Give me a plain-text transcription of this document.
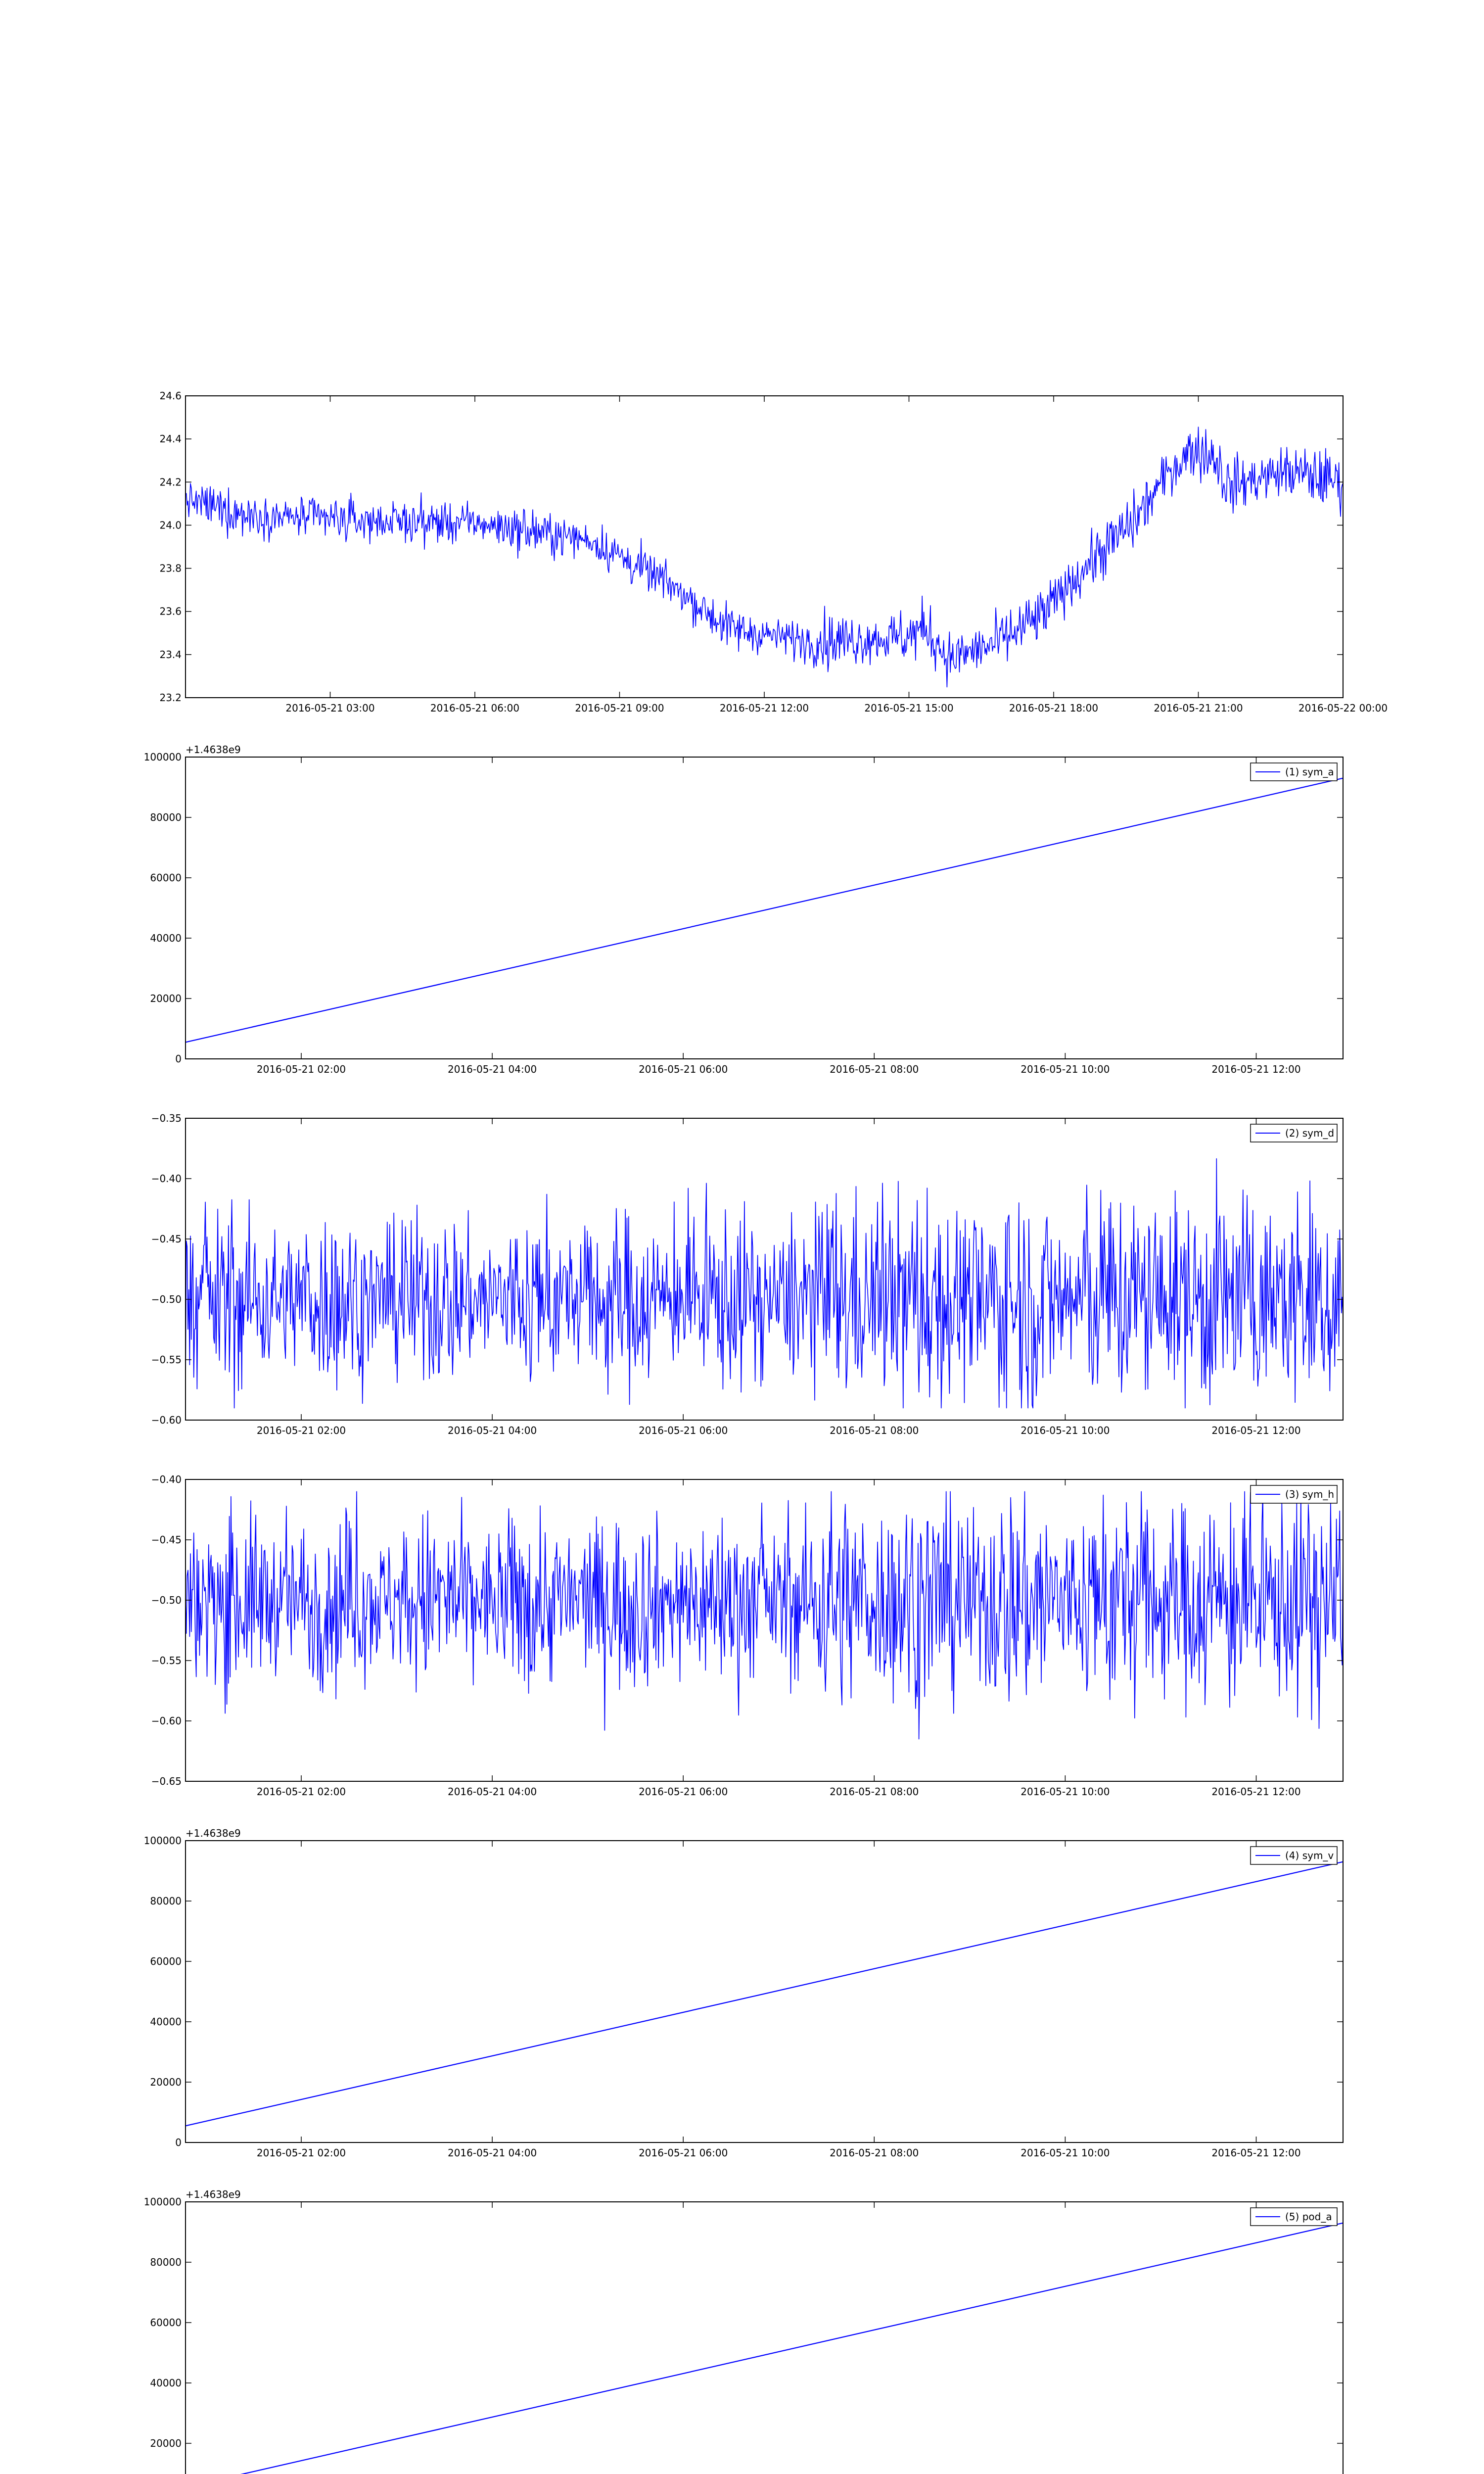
23.2
23.4
23.6
23.8
24.0
24.2
24.4
24.6
2016-05-21 03:00	2016-05-21 06:00	2016-05-21 09:00	2016-05-21 12:00	2016-05-21 15:00	2016-05-21 18:00	2016-05-21 21:00	2016-05-22 00:00
0
20000
40000
60000
80000
100000
2016-05-21 02:00	2016-05-21 04:00	2016-05-21 06:00	2016-05-21 08:00	2016-05-21 10:00	2016-05-21 12:00
+1.4638e9
(1) sym_a
−0.60
−0.55
−0.50
−0.45
−0.40
−0.35
2016-05-21 02:00	2016-05-21 04:00	2016-05-21 06:00	2016-05-21 08:00	2016-05-21 10:00	2016-05-21 12:00
(2) sym_d
−0.65
−0.60
−0.55
−0.50
−0.45
−0.40
2016-05-21 02:00	2016-05-21 04:00	2016-05-21 06:00	2016-05-21 08:00	2016-05-21 10:00	2016-05-21 12:00
(3) sym_h
0
20000
40000
60000
80000
100000
2016-05-21 02:00	2016-05-21 04:00	2016-05-21 06:00	2016-05-21 08:00	2016-05-21 10:00	2016-05-21 12:00
+1.4638e9
(4) sym_v
20000
40000
60000
80000
100000
+1.4638e9
(5) pod_a
